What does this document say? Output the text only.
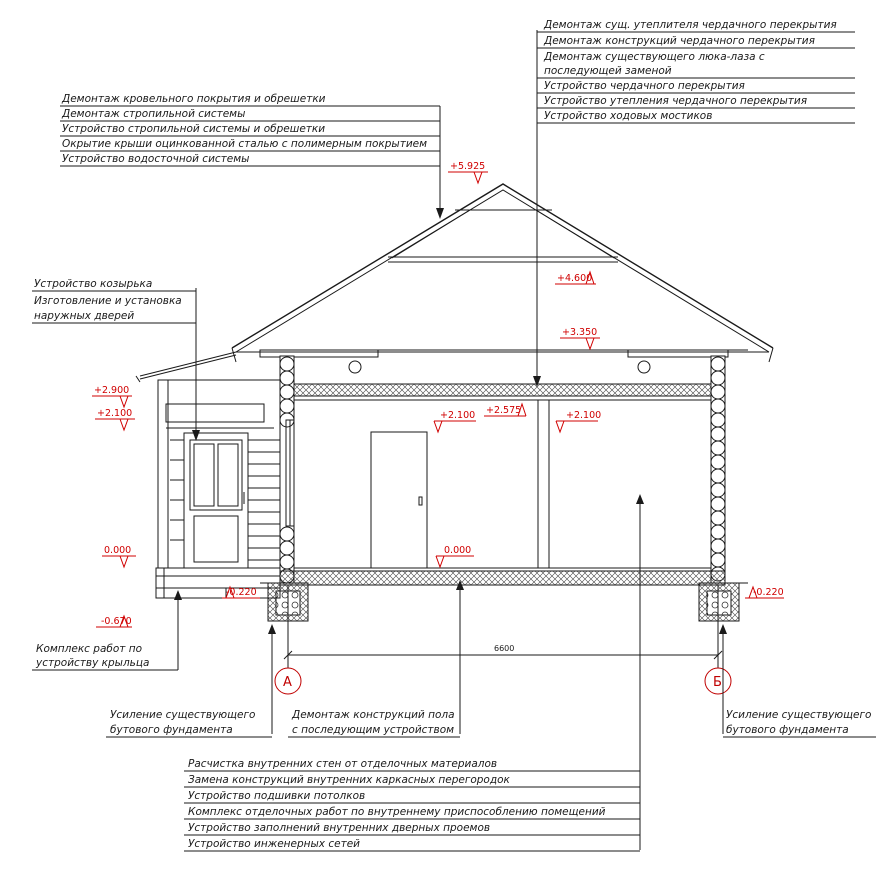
6600
А	Б
+5.925
+4.600
+3.350
+2.900
+2.100	+2.100 +2.575	+2.100
0.000	0.000
-0.220	-0.220
-0.670
Демонтаж кровельного покрытия и обрешетки
Демонтаж стропильной системы
Устройство стропильной системы и обрешетки
Окрытие крыши оцинкованной сталью с полимерным покрытием
Устройство водосточной системы
Демонтаж сущ. утеплителя чердачного перекрытия
Демонтаж конструкций чердачного перекрытия
Демонтаж существующего люка-лаза с
последующей заменой
Устройство чердачного перекрытия
Устройство утепления чердачного перекрытия
Устройство ходовых мостиков
Устройство козырька
Изготовление и установка
наружных дверей
Комплекс работ по
устройству крыльца
Усиление существующего
бутового фундамента
Демонтаж конструкций пола
с последующим устройством
Усиление существующего
бутового фундамента
Расчистка внутренних стен от отделочных материалов
Замена конструкций внутренних каркасных перегородок
Устройство подшивки потолков
Комплекс отделочных работ по внутреннему приспособлению помещений
Устройство заполнений внутренних дверных проемов
Устройство инженерных сетей
